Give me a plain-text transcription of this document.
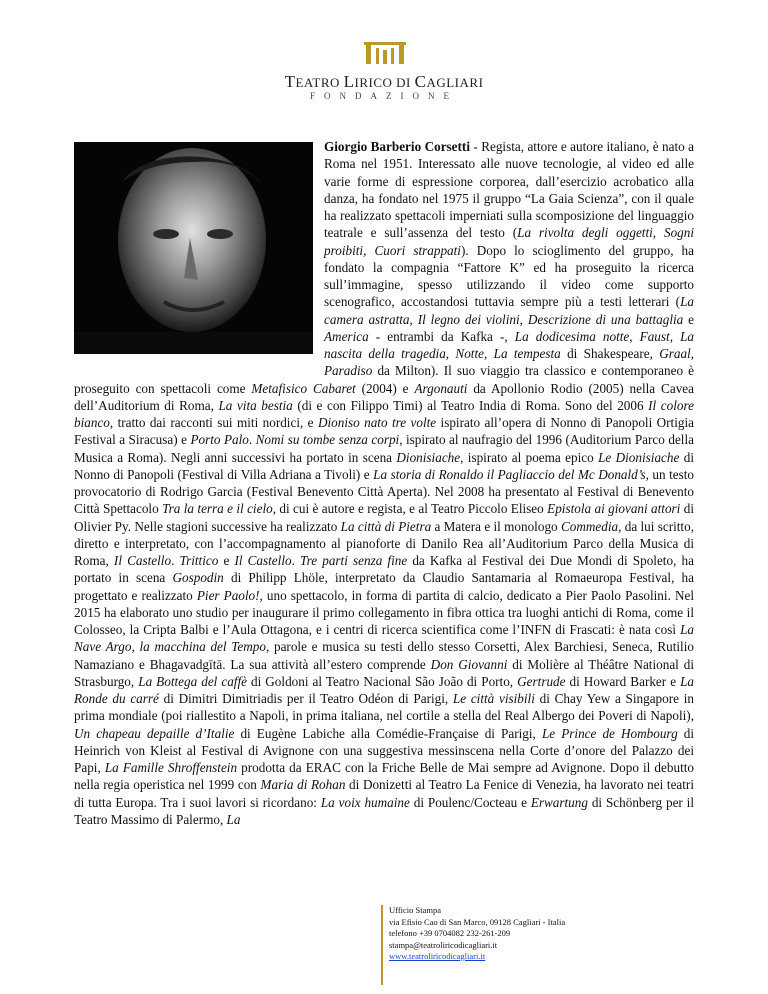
TEATRO LIRICO DI CAGLIARI
FONDAZIONE
Giorgio Barberio Corsetti - Regista, attore e autore italiano, è nato a Roma nel 1951. Interessato alle nuove tecnologie, al video ed alle varie forme di espressione corporea, dall’esercizio acrobatico alla danza, ha fondato nel 1975 il gruppo “La Gaia Scienza”, con il quale ha realizzato spettacoli imperniati sulla scomposizione del linguaggio teatrale e sull’assenza del testo (La rivolta degli oggetti, Sogni proibiti, Cuori strappati). Dopo lo scioglimento del gruppo, ha fondato la compagnia “Fattore K” ed ha proseguito la ricerca sull’immagine, spesso utilizzando il video come supporto scenografico, accostandosi tuttavia sempre più a testi letterari (La camera astratta, Il legno dei violini, Descrizione di una battaglia e America - entrambi da Kafka -, La dodicesima notte, Faust, La nascita della tragedia, Notte, La tempesta di Shakespeare, Graal, Paradiso da Milton). Il suo viaggio tra classico e contemporaneo è proseguito con spettacoli come Metafisico Cabaret (2004) e Argonauti da Apollonio Rodio (2005) nella Cavea dell’Auditorium di Roma, La vita bestia (di e con Filippo Timi) al Teatro India di Roma. Sono del 2006 Il colore bianco, tratto dai racconti sui miti nordici, e Dioniso nato tre volte ispirato all’opera di Nonno di Panopoli Ortigia Festival a Siracusa) e Porto Palo. Nomi su tombe senza corpi, ispirato al naufragio del 1996 (Auditorium Parco della Musica a Roma). Negli anni successivi ha portato in scena Dionisiache, ispirato al poema epico Le Dionisiache di Nonno di Panopoli (Festival di Villa Adriana a Tivoli) e La storia di Ronaldo il Pagliaccio del Mc Donald’s, un testo provocatorio di Rodrigo Garcia (Festival Benevento Città Aperta). Nel 2008 ha presentato al Festival di Benevento Città Spettacolo Tra la terra e il cielo, di cui è autore e regista, e al Teatro Piccolo Eliseo Epistola ai giovani attori di Olivier Py. Nelle stagioni successive ha realizzato La città di Pietra a Matera e il monologo Commedia, da lui scritto, diretto e interpretato, con l’accompagnamento al pianoforte di Danilo Rea all’Auditorium Parco della Musica di Roma, Il Castello. Trittico e Il Castello. Tre parti senza fine da Kafka al Festival dei Due Mondi di Spoleto, ha portato in scena Gospodin di Philipp Lhöle, interpretato da Claudio Santamaria al Romaeuropa Festival, ha progettato e realizzato Pier Paolo!, uno spettacolo, in forma di partita di calcio, dedicato a Pier Paolo Pasolini. Nel 2015 ha elaborato uno studio per inaugurare il primo collegamento in fibra ottica tra luoghi antichi di Roma, come il Colosseo, la Cripta Balbi e l’Aula Ottagona, e i centri di ricerca scientifica come l’INFN di Frascati: è nata così La Nave Argo, la macchina del Tempo, parole e musica su testi dello stesso Corsetti, Alex Barchiesi, Seneca, Rutilio Namaziano e Bhagavadgītā. La sua attività all’estero comprende Don Giovanni di Molière al Théâtre National di Strasburgo, La Bottega del caffè di Goldoni al Teatro Nacional São João di Porto, Gertrude di Howard Barker e La Ronde du carré di Dimitri Dimitriadis per il Teatro Odéon di Parigi, Le città visibili di Chay Yew a Singapore in prima mondiale (poi riallestito a Napoli, in prima italiana, nel cortile a stella del Real Albergo dei Poveri di Napoli), Un chapeau depaille d’Italie di Eugène Labiche alla Comédie-Française di Parigi, Le Prince de Hombourg di Heinrich von Kleist al Festival di Avignone con una suggestiva messinscena nella Corte d’onore del Palazzo dei Papi, La Famille Shroffenstein prodotta da ERAC con la Friche Belle de Mai sempre ad Avignone. Dopo il debutto nella regia operistica nel 1999 con Maria di Rohan di Donizetti al Teatro La Fenice di Venezia, ha lavorato nei teatri di tutta Europa. Tra i suoi lavori si ricordano: La voix humaine di Poulenc/Cocteau e Erwartung di Schönberg per il Teatro Massimo di Palermo, La
Ufficio Stampa
via Efisio Cao di San Marco, 09128 Cagliari - Italia
telefono +39 0704082 232-261-209
stampa@teatroliricodicagliari.it
www.teatroliricodicagliari.it
